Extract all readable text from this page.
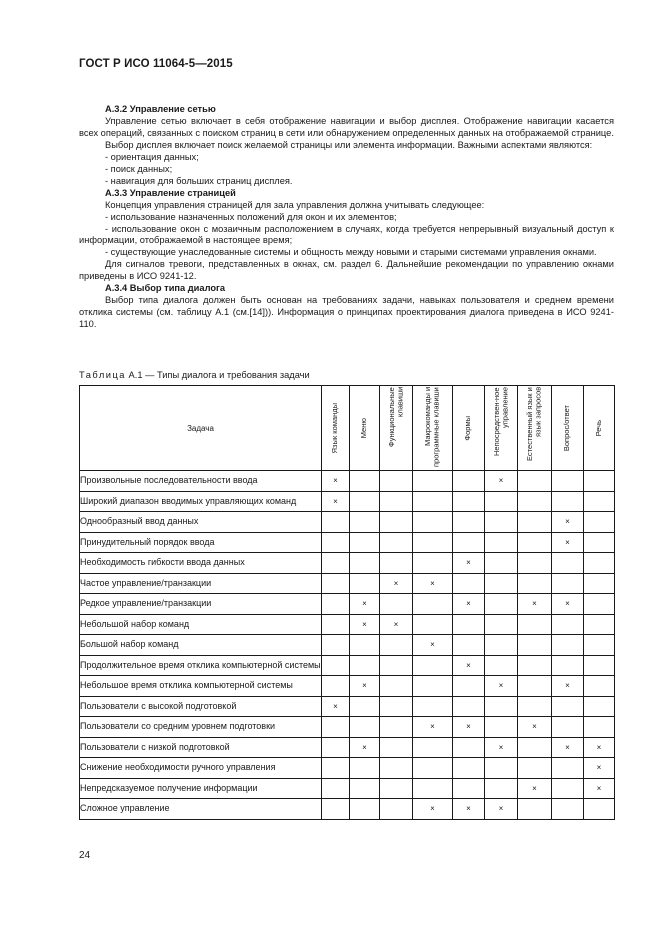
ГОСТ Р ИСО 11064-5—2015

А.3.2 Управление сетью

Управление сетью включает в себя отображение навигации и выбор дисплея. Отображение навигации касается всех операций, связанных с поиском страниц в сети или обнаружением определенных данных на отображаемой странице.

Выбор дисплея включает поиск желаемой страницы или элемента информации. Важными аспектами являются:

- ориентация данных;

- поиск данных;

- навигация для больших страниц дисплея.

А.3.3 Управление страницей

Концепция управления страницей для зала управления должна учитывать следующее:

- использование назначенных положений для окон и их элементов;

- использование окон с мозаичным расположением в случаях, когда требуется непрерывный визуальный доступ к информации, отображаемой в настоящее время;

- существующие унаследованные системы и общность между новыми и старыми системами управления окнами.

Для сигналов тревоги, представленных в окнах, см. раздел 6. Дальнейшие рекомендации по управлению окнами приведены в ИСО 9241-12.

А.3.4 Выбор типа диалога

Выбор типа диалога должен быть основан на требованиях задачи, навыках пользователя и среднем времени отклика системы (см. таблицу А.1 (см.[14])). Информация о принципах проектирования диалога приведена в ИСО 9241-110.

Таблица А.1 — Типы диалога и требования задачи
Задача	Язык команды	Меню	Функциональные клавиши	Макрокоманды и программные клавиши	Формы	Непосредствен-ное управление	Естественный язык и язык запросов	Вопрос/ответ	Речь

Произвольные последовательности ввода	×					×			
Широкий диапазон вводимых управляющих команд	×								
Однообразный ввод данных								×	
Принудительный порядок ввода								×	
Необходимость гибкости ввода данных					×				
Частое управление/транзакции			×	×					
Редкое управление/транзакции		×			×		×	×	
Небольшой набор команд		×	×						
Большой набор команд				×					
Продолжительное время отклика компьютерной системы					×				
Небольшое время отклика компьютерной системы		×				×		×	
Пользователи с высокой подготовкой	×								
Пользователи со средним уровнем подготовки				×	×		×		
Пользователи с низкой подготовкой		×				×		×	×
Снижение необходимости ручного управления									×
Непредсказуемое получение информации							×		×
Сложное управление				×	×	×			
24
